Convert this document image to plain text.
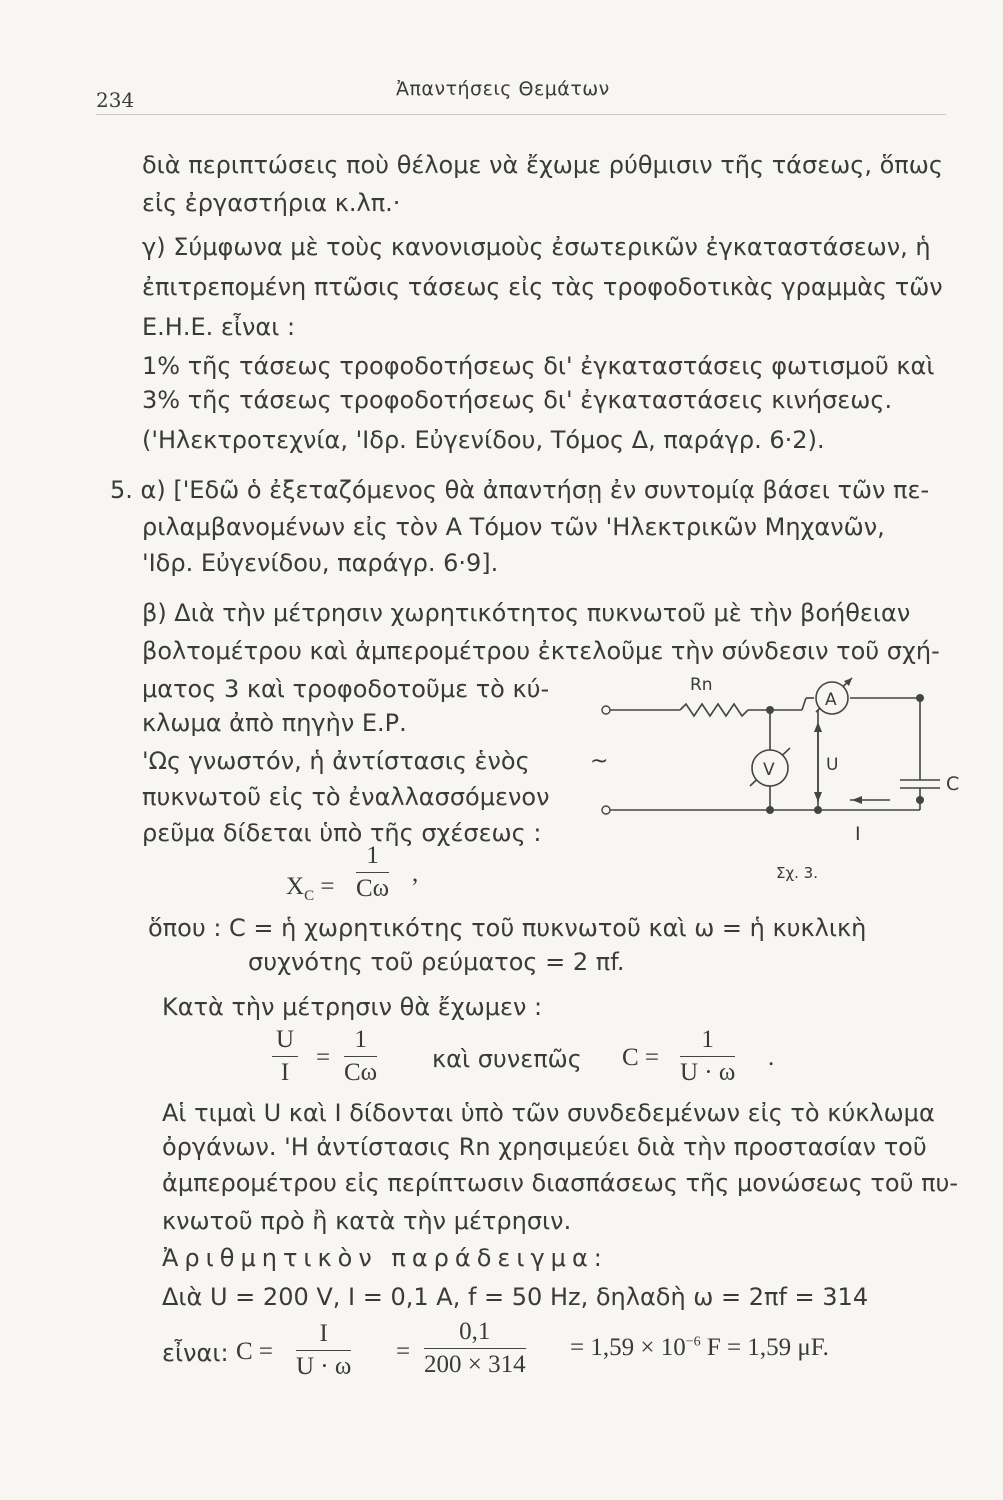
234	Ἀπαντήσεις Θεμάτων
διὰ περιπτώσεις ποὺ θέλομε νὰ ἔχωμε ρύθμισιν τῆς τάσεως, ὅπως
εἰς ἐργαστήρια κ.λπ.·
γ) Σύμφωνα μὲ τοὺς κανονισμοὺς ἐσωτερικῶν ἐγκαταστάσεων, ἡ
ἐπιτρεπομένη πτῶσις τάσεως εἰς τὰς τροφοδοτικὰς γραμμὰς τῶν
Ε.Η.Ε. εἶναι :
1% τῆς τάσεως τροφοδοτήσεως δι' ἐγκαταστάσεις φωτισμοῦ καὶ
3% τῆς τάσεως τροφοδοτήσεως δι' ἐγκαταστάσεις κινήσεως.
('Ηλεκτροτεχνία, 'Ιδρ. Εὐγενίδου, Τόμος Δ, παράγρ. 6·2).
5. α) ['Εδῶ ὁ ἐξεταζόμενος θὰ ἀπαντήσῃ ἐν συντομίᾳ βάσει τῶν πε-
ριλαμβανομένων εἰς τὸν Α Τόμον τῶν 'Ηλεκτρικῶν Μηχανῶν,
'Ιδρ. Εὐγενίδου, παράγρ. 6·9].
β) Διὰ τὴν μέτρησιν χωρητικότητος πυκνωτοῦ μὲ τὴν βοήθειαν
βολτομέτρου καὶ ἀμπερομέτρου ἐκτελοῦμε τὴν σύνδεσιν τοῦ σχή-
ματος 3 καὶ τροφοδοτοῦμε τὸ κύ-
κλωμα ἀπὸ πηγὴν Ε.Ρ.
'Ως γνωστόν, ἡ ἀντίστασις ἑνὸς
πυκνωτοῦ εἰς τὸ ἐναλλασσόμενον
ρεῦμα δίδεται ὑπὸ τῆς σχέσεως :
$X_C = \frac{1}{C\omega}$ ,
Rn
A
V	U
C
I
~
Σχ. 3.
ὅπου : C = ἡ χωρητικότης τοῦ πυκνωτοῦ καὶ ω = ἡ κυκλικὴ
συχνότης τοῦ ρεύματος = 2 πf.
Κατὰ τὴν μέτρησιν θὰ ἔχωμεν :
$\frac{U}{I} = \frac{1}{C\omega}$ καὶ συνεπῶς $C = \frac{1}{U \cdot \omega}$ .
Αἱ τιμαὶ U καὶ I δίδονται ὑπὸ τῶν συνδεδεμένων εἰς τὸ κύκλωμα
ὀργάνων. 'Η ἀντίστασις Rn χρησιμεύει διὰ τὴν προστασίαν τοῦ
ἀμπερομέτρου εἰς περίπτωσιν διασπάσεως τῆς μονώσεως τοῦ πυ-
κνωτοῦ πρὸ ἢ κατὰ τὴν μέτρησιν.
Ἀριθμητικὸν παράδειγμα:
Διὰ U = 200 V, I = 0,1 A, f = 50 Hz, δηλαδὴ ω = 2πf = 314
εἶναι: $C = \frac{I}{U \cdot \omega} = \frac{0,1}{200 \times 314} = 1,59 \times 10^{-6}$ F = 1,59 μF.
